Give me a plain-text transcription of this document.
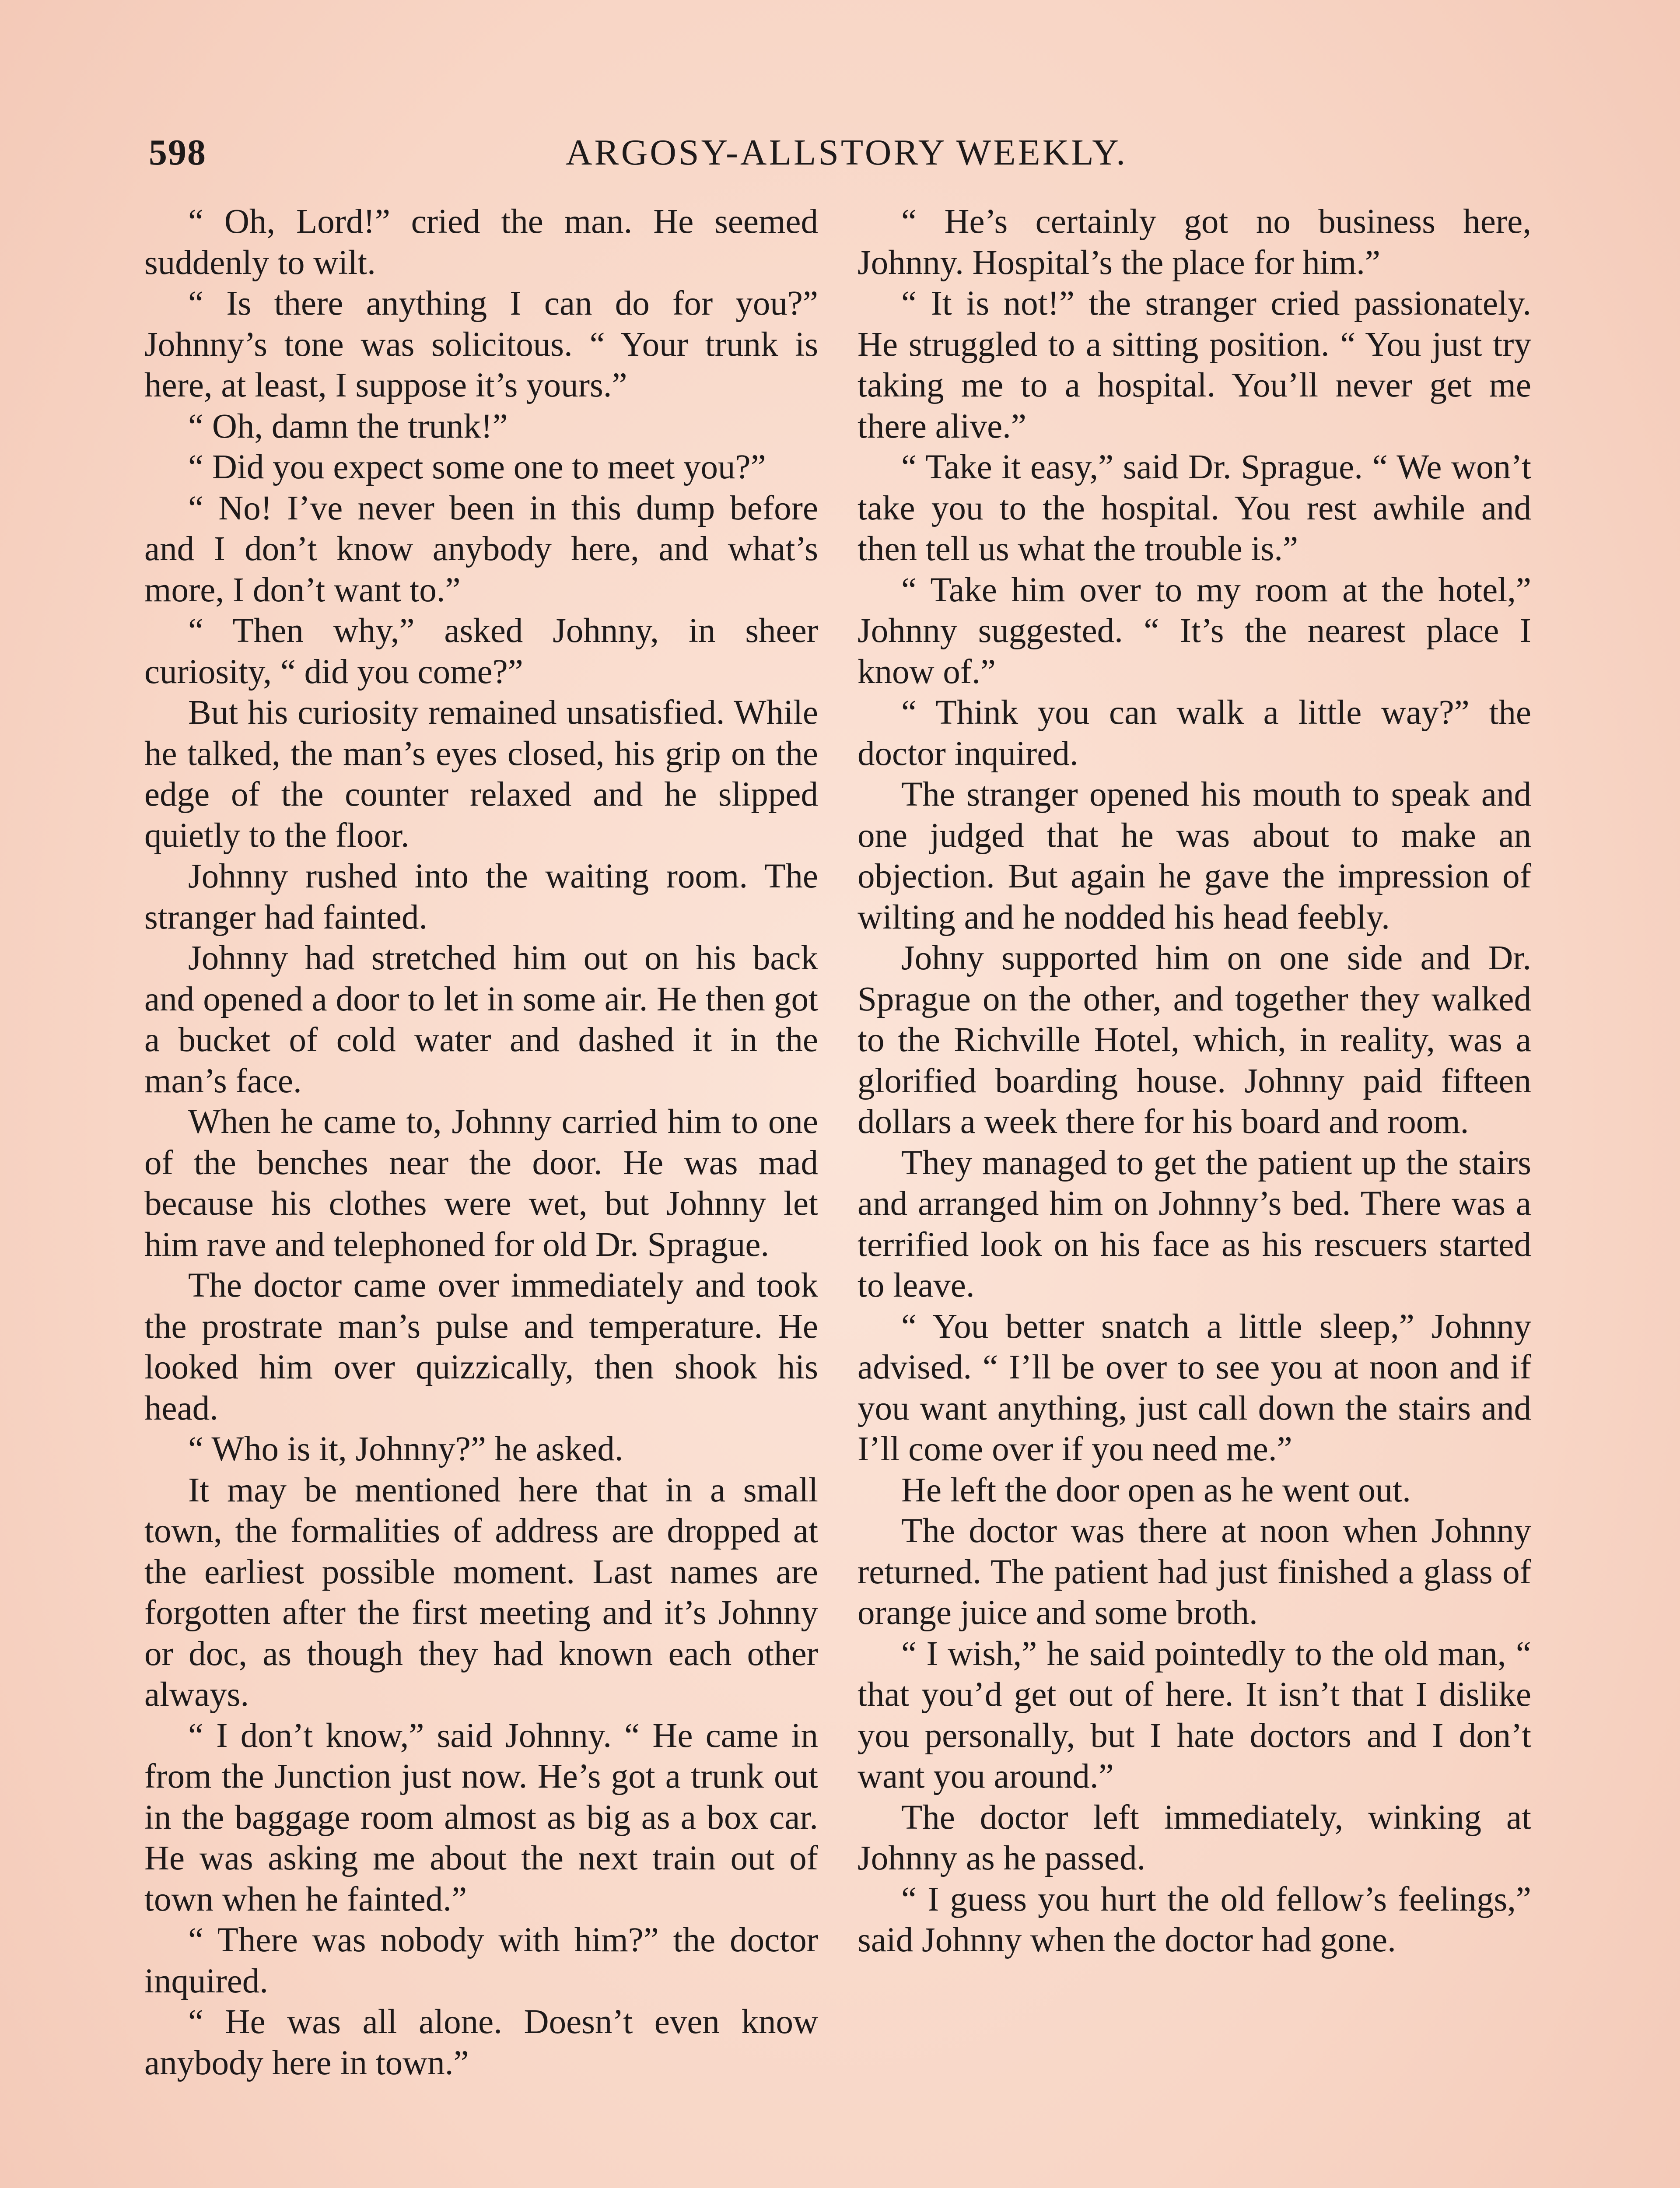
598	ARGOSY-ALLSTORY WEEKLY.

“ Oh, Lord!” cried the man. He seemed suddenly to wilt.

“ Is there anything I can do for you?” Johnny’s tone was solicitous. “ Your trunk is here, at least, I suppose it’s yours.”

“ Oh, damn the trunk!”

“ Did you expect some one to meet you?”

“ No! I’ve never been in this dump before and I don’t know anybody here, and what’s more, I don’t want to.”

“ Then why,” asked Johnny, in sheer curiosity, “ did you come?”

But his curiosity remained unsatisfied. While he talked, the man’s eyes closed, his grip on the edge of the counter relaxed and he slipped quietly to the floor.

Johnny rushed into the waiting room. The stranger had fainted.

Johnny had stretched him out on his back and opened a door to let in some air. He then got a bucket of cold water and dashed it in the man’s face.

When he came to, Johnny carried him to one of the benches near the door. He was mad because his clothes were wet, but Johnny let him rave and telephoned for old Dr. Sprague.

The doctor came over immediately and took the prostrate man’s pulse and temperature. He looked him over quizzically, then shook his head.

“ Who is it, Johnny?” he asked.

It may be mentioned here that in a small town, the formalities of address are dropped at the earliest possible moment. Last names are forgotten after the first meeting and it’s Johnny or doc, as though they had known each other always.

“ I don’t know,” said Johnny. “ He came in from the Junction just now. He’s got a trunk out in the baggage room almost as big as a box car. He was asking me about the next train out of town when he fainted.”

“ There was nobody with him?” the doctor inquired.

“ He was all alone. Doesn’t even know anybody here in town.”

“ He’s certainly got no business here, Johnny. Hospital’s the place for him.”

“ It is not!” the stranger cried passionately. He struggled to a sitting position. “ You just try taking me to a hospital. You’ll never get me there alive.”

“ Take it easy,” said Dr. Sprague. “ We won’t take you to the hospital. You rest awhile and then tell us what the trouble is.”

“ Take him over to my room at the hotel,” Johnny suggested. “ It’s the nearest place I know of.”

“ Think you can walk a little way?” the doctor inquired.

The stranger opened his mouth to speak and one judged that he was about to make an objection. But again he gave the impression of wilting and he nodded his head feebly.

Johny supported him on one side and Dr. Sprague on the other, and together they walked to the Richville Hotel, which, in reality, was a glorified boarding house. Johnny paid fifteen dollars a week there for his board and room.

They managed to get the patient up the stairs and arranged him on Johnny’s bed. There was a terrified look on his face as his rescuers started to leave.

“ You better snatch a little sleep,” Johnny advised. “ I’ll be over to see you at noon and if you want anything, just call down the stairs and I’ll come over if you need me.”

He left the door open as he went out.

The doctor was there at noon when Johnny returned. The patient had just finished a glass of orange juice and some broth.

“ I wish,” he said pointedly to the old man, “ that you’d get out of here. It isn’t that I dislike you personally, but I hate doctors and I don’t want you around.”

The doctor left immediately, winking at Johnny as he passed.

“ I guess you hurt the old fellow’s feelings,” said Johnny when the doctor had gone.
